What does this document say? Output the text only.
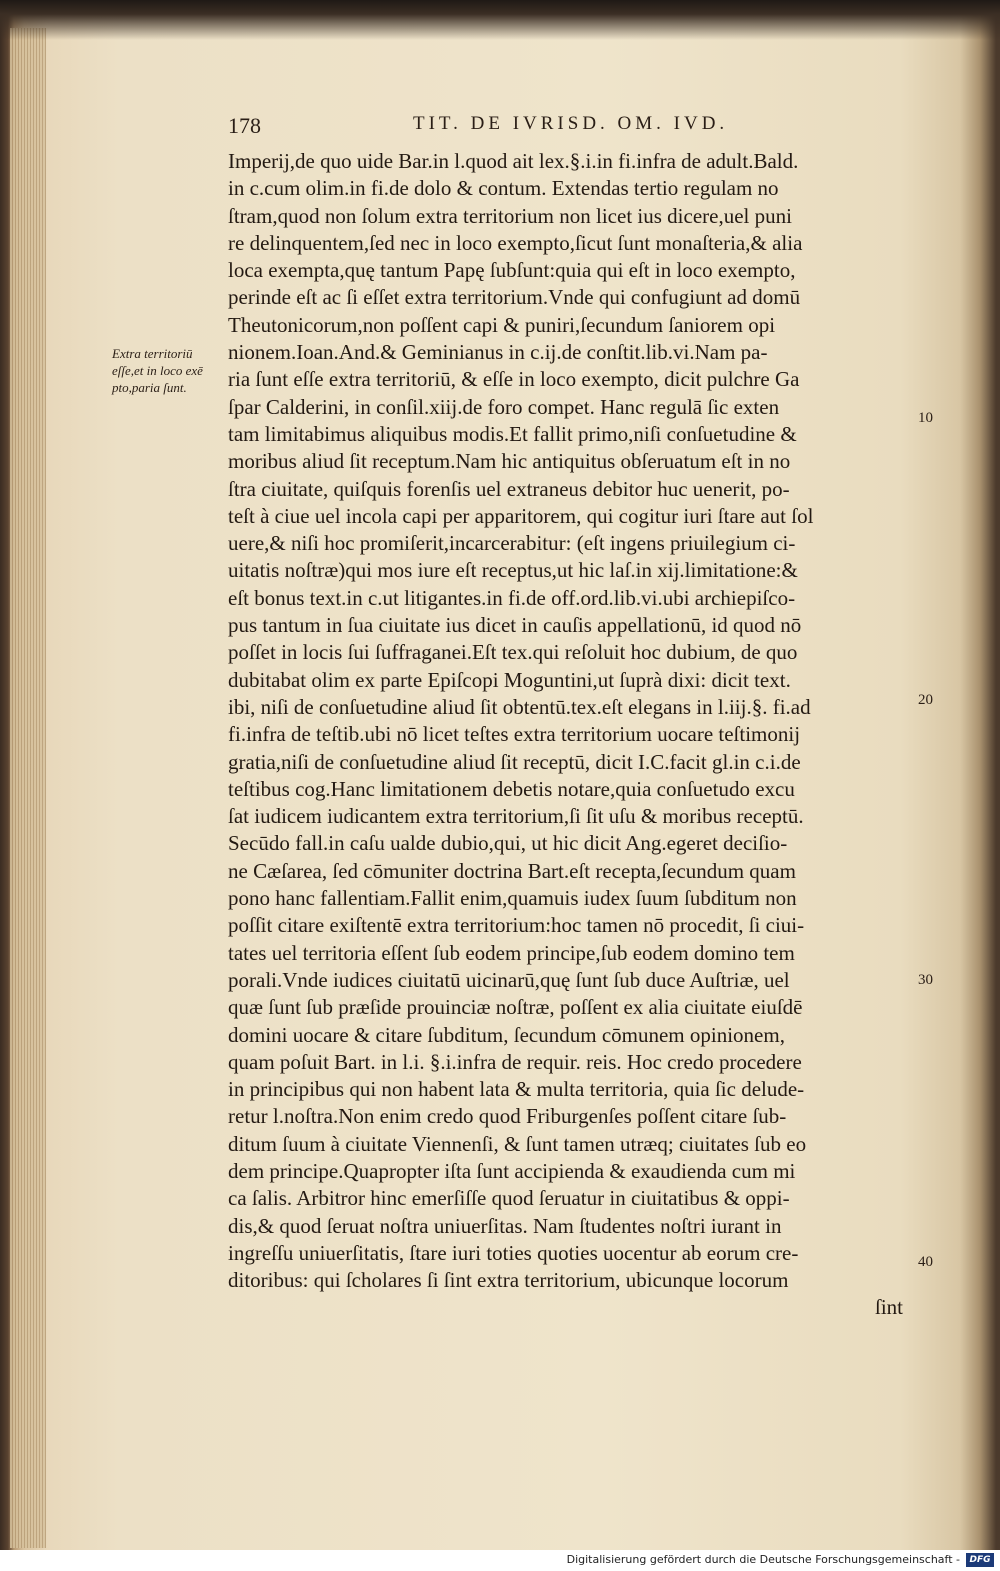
178	TIT. DE IVRISD. OM. IVD.
Extra territoriū
eſſe,et in loco exē
pto,paria ſunt.
Imperij,de quo uide Bar.in l.quod ait lex.§.i.in fi.infra de adult.Bald.
in c.cum olim.in fi.de dolo & contum. Extendas tertio regulam no
ſtram,quod non ſolum extra territorium non licet ius dicere,uel puni
re delinquentem,ſed nec in loco exempto,ſicut ſunt monaſteria,& alia
loca exempta,quę tantum Papę ſubſunt:quia qui eſt in loco exempto,
perinde eſt ac ſi eſſet extra territorium.Vnde qui confugiunt ad domū
Theutonicorum,non poſſent capi & puniri,ſecundum ſaniorem opi
nionem.Ioan.And.& Geminianus in c.ij.de conſtit.lib.vi.Nam pa-
ria ſunt eſſe extra territoriū, & eſſe in loco exempto, dicit pulchre Ga
ſpar Calderini, in conſil.xiij.de foro compet. Hanc regulā ſic exten
tam limitabimus aliquibus modis.Et fallit primo,niſi conſuetudine &
moribus aliud ſit receptum.Nam hic antiquitus obſeruatum eſt in no
ſtra ciuitate, quiſquis forenſis uel extraneus debitor huc uenerit, po-
teſt à ciue uel incola capi per apparitorem, qui cogitur iuri ſtare aut ſol
uere,& niſi hoc promiſerit,incarcerabitur: (eſt ingens priuilegium ci-
uitatis noſtræ)qui mos iure eſt receptus,ut hic laſ.in xij.limitatione:&
eſt bonus text.in c.ut litigantes.in fi.de off.ord.lib.vi.ubi archiepiſco-
pus tantum in ſua ciuitate ius dicet in cauſis appellationū, id quod nō
poſſet in locis ſui ſuffraganei.Eſt tex.qui reſoluit hoc dubium, de quo
dubitabat olim ex parte Epiſcopi Moguntini,ut ſuprà dixi: dicit text.
ibi, niſi de conſuetudine aliud ſit obtentū.tex.eſt elegans in l.iij.§. fi.ad
fi.infra de teſtib.ubi nō licet teſtes extra territorium uocare teſtimonij
gratia,niſi de conſuetudine aliud ſit receptū, dicit I.C.facit gl.in c.i.de
teſtibus cog.Hanc limitationem debetis notare,quia conſuetudo excu
ſat iudicem iudicantem extra territorium,ſi ſit uſu & moribus receptū.
Secūdo fall.in caſu ualde dubio,qui, ut hic dicit Ang.egeret deciſio-
ne Cæſarea, ſed cōmuniter doctrina Bart.eſt recepta,ſecundum quam
pono hanc fallentiam.Fallit enim,quamuis iudex ſuum ſubditum non
poſſit citare exiſtentē extra territorium:hoc tamen nō procedit, ſi ciui-
tates uel territoria eſſent ſub eodem principe,ſub eodem domino tem
porali.Vnde iudices ciuitatū uicinarū,quę ſunt ſub duce Auſtriæ, uel
quæ ſunt ſub præſide prouinciæ noſtræ, poſſent ex alia ciuitate eiuſdē
domini uocare & citare ſubditum, ſecundum cōmunem opinionem,
quam poſuit Bart. in l.i. §.i.infra de requir. reis. Hoc credo procedere
in principibus qui non habent lata & multa territoria, quia ſic delude-
retur l.noſtra.Non enim credo quod Friburgenſes poſſent citare ſub-
ditum ſuum à ciuitate Viennenſi, & ſunt tamen utræq; ciuitates ſub eo
dem principe.Quapropter iſta ſunt accipienda & exaudienda cum mi
ca ſalis. Arbitror hinc emerſiſſe quod ſeruatur in ciuitatibus & oppi-
dis,& quod ſeruat noſtra uniuerſitas. Nam ſtudentes noſtri iurant in
ingreſſu uniuerſitatis, ſtare iuri toties quoties uocentur ab eorum cre-
ditoribus: qui ſcholares ſi ſint extra territorium, ubicunque locorum
ſint
10
20
30
40
Digitalisierung gefördert durch die Deutsche Forschungsgemeinschaft -	DFG
